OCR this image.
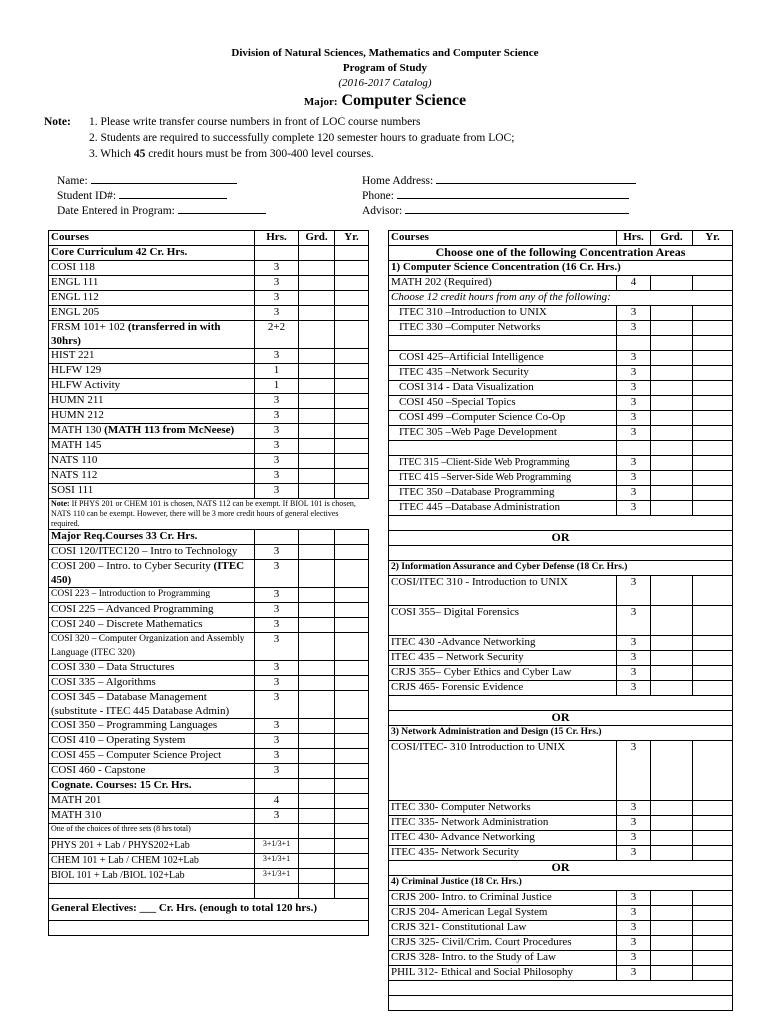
Division of Natural Sciences, Mathematics and Computer Science
Program of Study
(2016-2017 Catalog)
Major: Computer Science
Note: 1. Please write transfer course numbers in front of LOC course numbers
2. Students are required to successfully complete 120 semester hours to graduate from LOC;
3. Which 45 credit hours must be from 300-400 level courses.
Name:
Student ID#:
Date Entered in Program:
Home Address:
Phone:
Advisor:
Courses	Hrs.	Grd.	Yr.
Core Curriculum 42 Cr. Hrs.			
COSI 118	3		
ENGL 111	3		
ENGL 112	3		
ENGL 205	3		
FRSM 101+ 102 (transferred in with 30hrs)	2+2		
HIST 221	3		
HLFW 129	1		
HLFW Activity	1		
HUMN 211	3		
HUMN 212	3		
MATH 130 (MATH 113 from McNeese)	3		
MATH 145	3		
NATS 110	3		
NATS 112	3		
SOSI 111	3		
Note: If PHYS 201 or CHEM 101 is chosen, NATS 112 can be exempt. If BIOL 101 is chosen, NATS 110 can be exempt. However, there will be 3 more credit hours of general electives required.			
Major Req.Courses 33 Cr. Hrs.			
COSI 120/ITEC120 – Intro to Technology	3		
COSI 200 – Intro. to Cyber Security (ITEC 450)	3		
COSI 223 – Introduction to Programming	3		
COSI 225 – Advanced Programming	3		
COSI 240 – Discrete Mathematics	3		
COSI 320 – Computer Organization and Assembly Language (ITEC 320)	3		
COSI 330 – Data Structures	3		
COSI 335 – Algorithms	3		
COSI 345 – Database Management (substitute - ITEC 445 Database Admin)	3		
COSI 350 – Programming Languages	3		
COSI 410 – Operating System	3		
COSI 455 – Computer Science Project	3		
COSI 460 - Capstone	3		
Cognate. Courses: 15 Cr. Hrs.			
MATH 201	4		
MATH 310	3		
One of the choices of three sets (8 hrs total)			
PHYS 201 + Lab / PHYS202+Lab	3+1/3+1		
CHEM 101 + Lab / CHEM 102+Lab	3+1/3+1		
BIOL 101 + Lab /BIOL 102+Lab	3+1/3+1		

General Electives: ___ Cr. Hrs. (enough to total 120 hrs.)			

Courses	Hrs.	Grd.	Yr.
Choose one of the following Concentration Areas			
1) Computer Science Concentration (16 Cr. Hrs.)			
MATH 202 (Required)	4		
Choose 12 credit hours from any of the following:			
ITEC 310 –Introduction to UNIX	3		
ITEC 330 –Computer Networks	3		

COSI 425–Artificial Intelligence	3		
ITEC 435 –Network Security	3		
COSI 314 - Data Visualization	3		
COSI 450 –Special Topics	3		
COSI 499 –Computer Science Co-Op	3		
ITEC 305 –Web Page Development	3		

ITEC 315 –Client-Side Web Programming	3		
ITEC 415 –Server-Side Web Programming	3		
ITEC 350 –Database Programming	3		
ITEC 445 –Database Administration	3		

OR			

2) Information Assurance and Cyber Defense (18 Cr. Hrs.)			
COSI/ITEC 310 - Introduction to UNIX	3		
COSI 355– Digital Forensics	3		
ITEC 430 -Advance Networking	3		
ITEC 435 – Network Security	3		
CRJS 355– Cyber Ethics and Cyber Law	3		
CRJS 465- Forensic Evidence	3		

OR			
3) Network Administration and Design (15 Cr. Hrs.)			
COSI/ITEC- 310 Introduction to UNIX	3		
ITEC 330- Computer Networks	3		
ITEC 335- Network Administration	3		
ITEC 430- Advance Networking	3		
ITEC 435- Network Security	3		
OR			
4) Criminal Justice (18 Cr. Hrs.)			
CRJS 200- Intro. to Criminal Justice	3		
CRJS 204- American Legal System	3		
CRJS 321- Constitutional Law	3		
CRJS 325- Civil/Crim. Court Procedures	3		
CRJS 328- Intro. to the Study of Law	3		
PHIL 312- Ethical and Social Philosophy	3		
